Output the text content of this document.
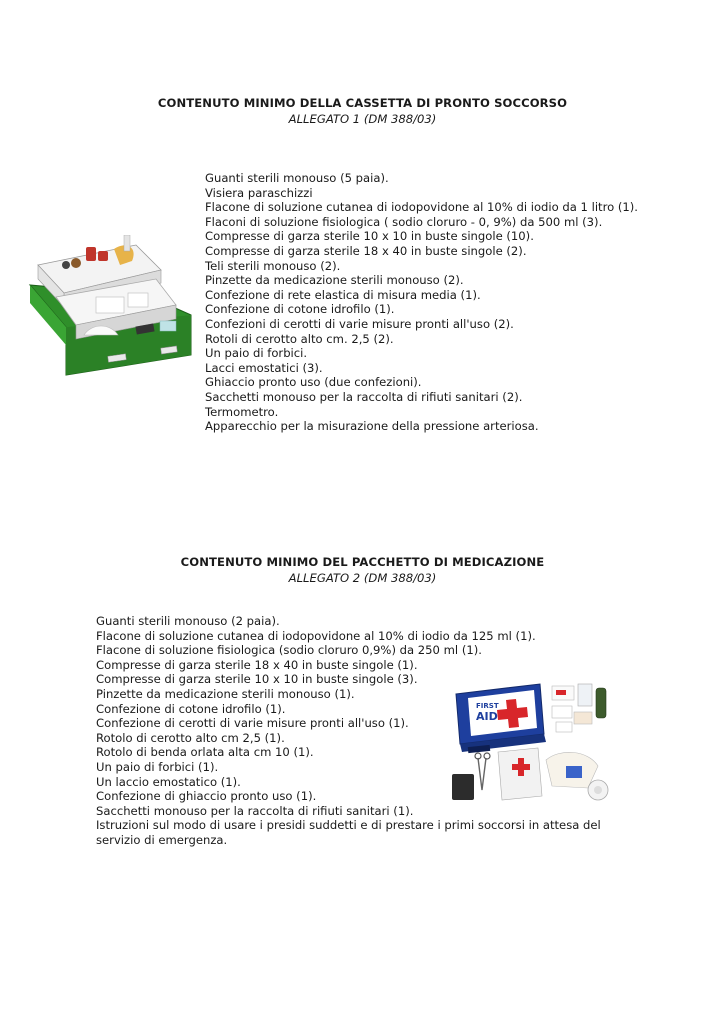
CONTENUTO MINIMO DELLA CASSETTA DI PRONTO SOCCORSO
ALLEGATO 1 (DM 388/03)
Guanti sterili monouso (5 paia).
Visiera paraschizzi
Flacone di soluzione cutanea di iodopovidone al 10% di iodio da 1 litro (1).
Flaconi di soluzione fisiologica ( sodio cloruro - 0, 9%) da 500 ml (3).
Compresse di garza sterile 10 x 10 in buste singole (10).
Compresse di garza sterile 18 x 40 in buste singole (2).
Teli sterili monouso (2).
Pinzette da medicazione sterili monouso (2).
Confezione di rete elastica di misura media (1).
Confezione di cotone idrofilo (1).
Confezioni di cerotti di varie misure pronti all'uso (2).
Rotoli di cerotto alto cm. 2,5 (2).
Un paio di forbici.
Lacci emostatici (3).
Ghiaccio pronto uso (due confezioni).
Sacchetti monouso per la raccolta di rifiuti sanitari (2).
Termometro.
Apparecchio per la misurazione della pressione arteriosa.
CONTENUTO MINIMO DEL PACCHETTO DI MEDICAZIONE
ALLEGATO 2 (DM 388/03)
Guanti sterili monouso (2 paia).
Flacone di soluzione cutanea di iodopovidone al 10% di iodio da 125 ml (1).
Flacone di soluzione fisiologica (sodio cloruro 0,9%) da 250 ml (1).
Compresse di garza sterile 18 x 40 in buste singole (1).
Compresse di garza sterile 10 x 10 in buste singole (3).
Pinzette da medicazione sterili monouso (1).
Confezione di cotone idrofilo (1).
Confezione di cerotti di varie misure pronti all'uso (1).
Rotolo di cerotto alto cm 2,5 (1).
Rotolo di benda orlata alta cm 10 (1).
Un paio di forbici (1).
Un laccio emostatico (1).
Confezione di ghiaccio pronto uso (1).
Sacchetti monouso per la raccolta di rifiuti sanitari (1).
Istruzioni sul modo di usare i presidi suddetti e di prestare i primi soccorsi in attesa del servizio di emergenza.
FIRST
AID
